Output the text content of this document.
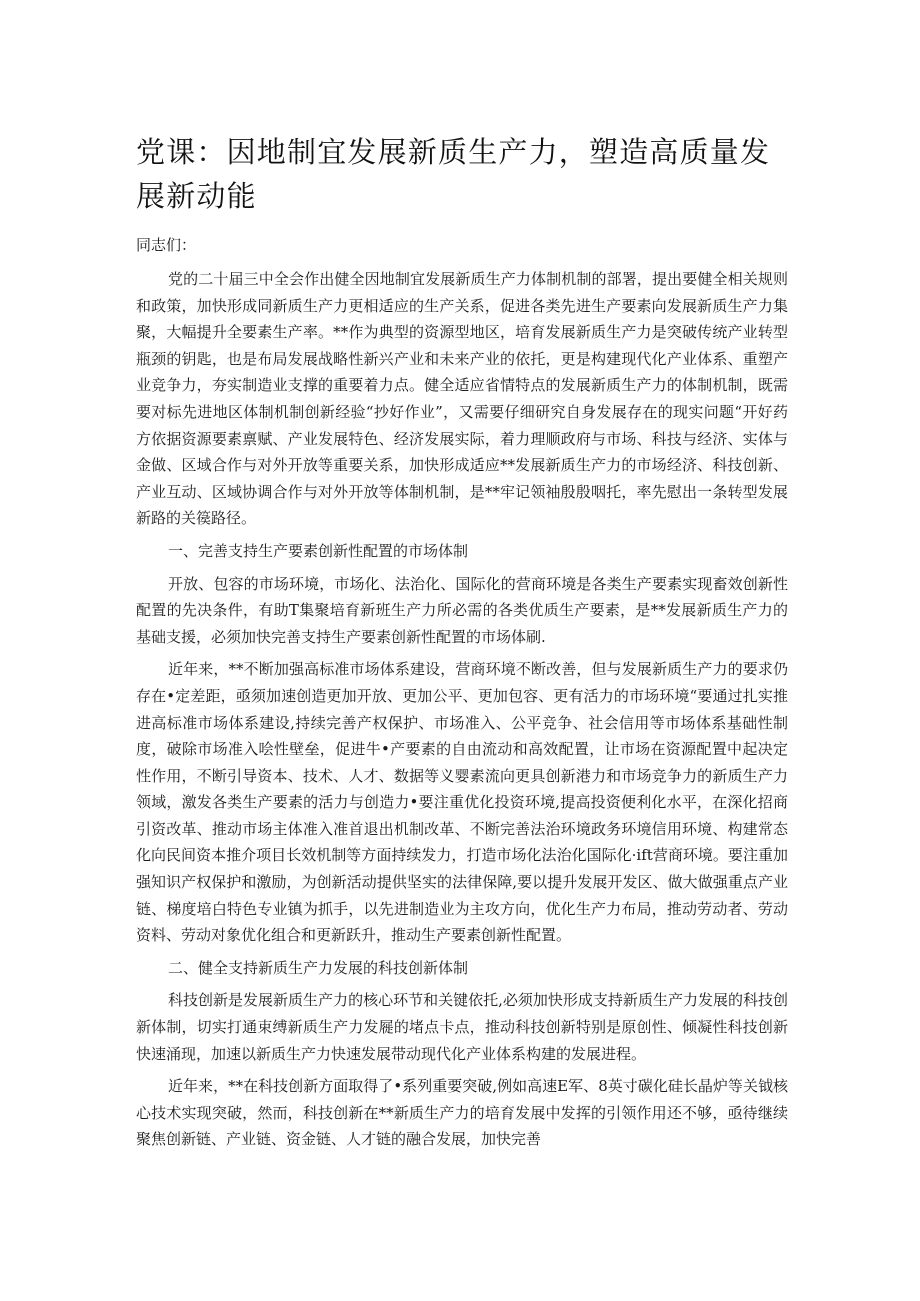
党课：因地制宜发展新质生产力，塑造高质量发展新动能

同志们：

党的二十届三中全会作出健全因地制宜发展新质生产力体制机制的部署，提出要健全相关规则和政策，加快形成同新质生产力更相适应的生产关系，促进各类先进生产要素向发展新质生产力集聚，大幅提升全要素生产率。**作为典型的资源型地区，培育发展新质生产力是突破传统产业转型瓶颈的钥匙，也是布局发展战略性新兴产业和未来产业的依托，更是构建现代化产业体系、重塑产业竞争力，夯实制造业支撑的重要着力点。健全适应省情特点的发展新质生产力的体制机制，既需要对标先进地区体制机制创新经验“抄好作业”，又需要仔细研究自身发展存在的现实问题“开好药方依据资源要素禀赋、产业发展特色、经济发展实际，着力理顺政府与市场、科技与经济、实体与金做、区域合作与对外开放等重要关系，加快形成适应**发展新质生产力的市场经济、科技创新、产业互动、区域协调合作与对外开放等体制机制，是**牢记领袖殷殷咽托，率先慰出一条转型发展新路的关篌路径。

一、完善支持生产要素创新性配置的市场体制

开放、包容的市场环境，市场化、法治化、国际化的营商环境是各类生产要素实现畜效创新性配置的先决条件，有助T集聚培育新班生产力所必需的各类优质生产要素，是**发展新质生产力的基础支援，必须加快完善支持生产要素创新性配置的市场体刷.

近年来，**不断加强高标准市场体系建设，营商环境不断改善，但与发展新质生产力的要求仍存在•定差距，亟须加速创造更加开放、更加公平、更加包容、更有活力的市场环境“要通过扎实推进高标准市场体系建设,持续完善产权保护、市场准入、公平竞争、社会信用等市场体系基础性制度，破除市场准入哙性壁垒，促进牛•产要素的自由流动和高效配置，让市场在资源配置中起决定性作用，不断引导资本、技术、人才、数据等义婴素流向更具创新港力和市场竞争力的新质生产力领域，激发各类生产要素的活力与创造力•要注重优化投资环境,提高投资便利化水平，在深化招商引资改革、推动市场主体准入准首退出机制改革、不断完善法治环境政务环境信用环境、构建常态化向民间资本推介项目长效机制等方面持续发力，打造市场化法治化国际化·ift营商环境。要注重加强知识产权保护和激励，为创新活动提供坚实的法律保障,要以提升发展开发区、做大做强重点产业链、梯度培白特色专业镇为抓手，以先进制造业为主攻方向，优化生产力布局，推动劳动者、劳动资料、劳动对象优化组合和更新跃升，推动生产要素创新性配置。

二、健全支持新质生产力发展的科技创新体制

科技创新是发展新质生产力的核心环节和关键依托,必须加快形成支持新质生产力发展的科技创新体制，切实打通束缚新质生产力发屣的堵点卡点，推动科技创新特别是原创性、倾凝性科技创新快速涌现，加速以新质生产力快速发展带动现代化产业体系构建的发展进程。

近年来，**在科技创新方面取得了•系列重要突破,例如高速E军、8英寸碳化硅长晶炉等关钺核心技术实现突破，然而，科技创新在**新质生产力的培育发展中发挥的引领作用还不够，亟待继续聚焦创新链、产业链、资金链、人才链的融合发展，加快完善
